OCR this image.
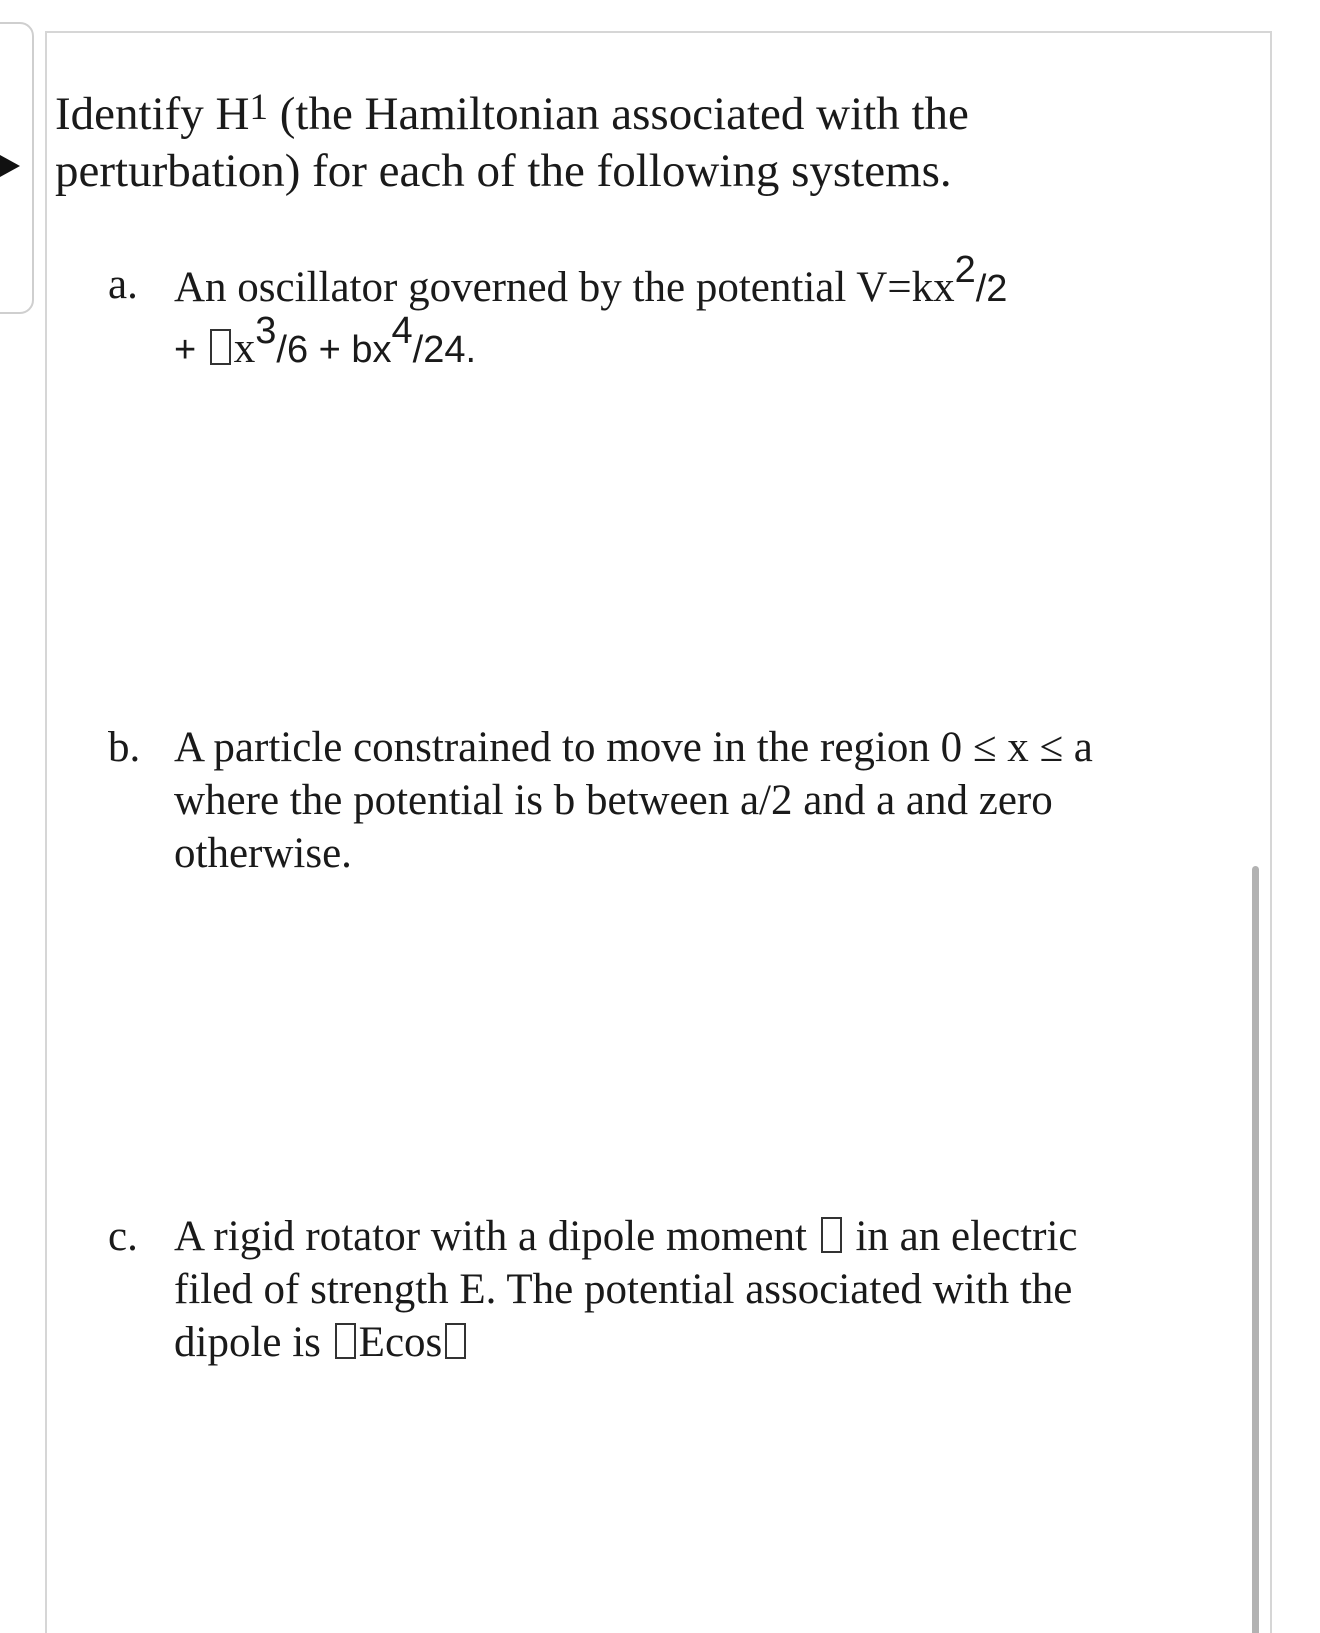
Identify $H^1$ (the Hamiltonian associated with the perturbation) for each of the following systems.

a. An oscillator governed by the potential V=kx2/2
+ x3/6 + bx4/24.
b. A particle constrained to move in the region 0 ≤ x ≤ a where the potential is b between a/2 and a and zero otherwise.
c. A rigid rotator with a dipole moment  in an electric filed of strength E. The potential associated with the dipole is Ecos
